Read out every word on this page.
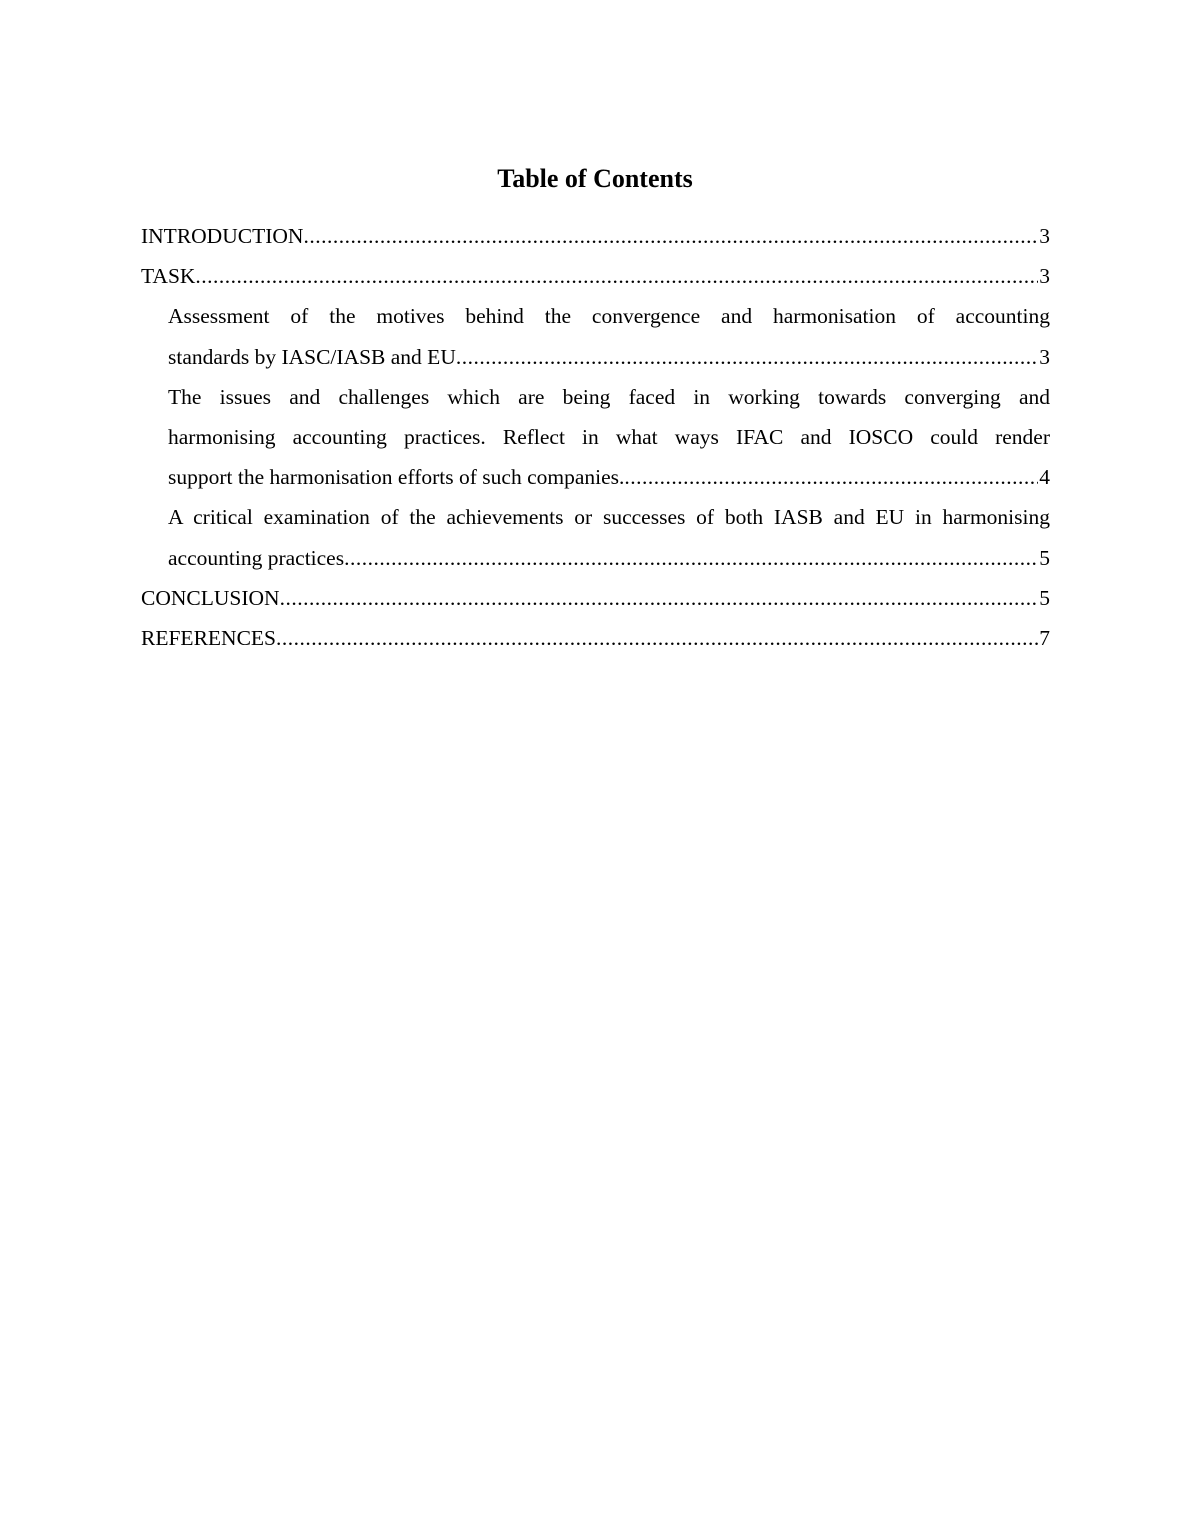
Table of Contents
INTRODUCTION .....	3
TASK .....	3
Assessment of the motives behind the convergence and harmonisation of accounting
standards by IASC/IASB and EU .....	3
The issues and challenges which are being faced in working towards converging and
harmonising accounting practices. Reflect in what ways IFAC and IOSCO could render
support the harmonisation efforts of such companies. .....	4
A critical examination of the achievements or successes of both IASB and EU in harmonising
accounting practices .....	5
CONCLUSION .....	5
REFERENCES .....	7
